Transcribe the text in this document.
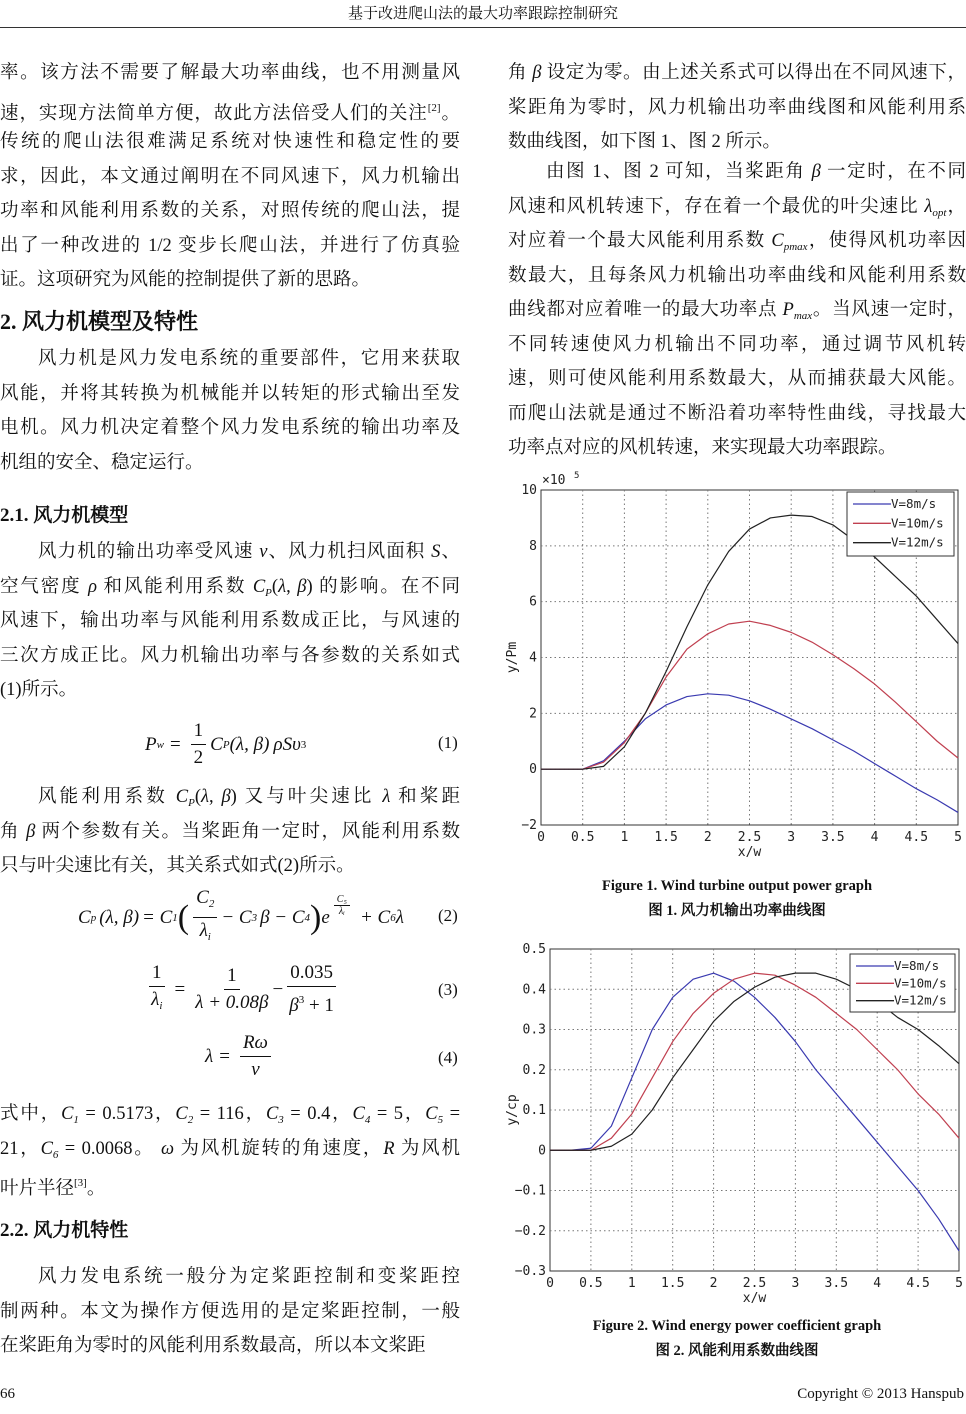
基于改进爬山法的最大功率跟踪控制研究
率。该方法不需要了解最大功率曲线，也不用测量风
速，实现方法简单方便，故此方法倍受人们的关注[2]。
传统的爬山法很难满足系统对快速性和稳定性的要
求，因此，本文通过阐明在不同风速下，风力机输出
功率和风能利用系数的关系，对照传统的爬山法，提
出了一种改进的 1/2 变步长爬山法，并进行了仿真验
证。这项研究为风能的控制提供了新的思路。
2. 风力机模型及特性
风力机是风力发电系统的重要部件，它用来获取
风能，并将其转换为机械能并以转矩的形式输出至发
电机。风力机决定着整个风力发电系统的输出功率及
机组的安全、稳定运行。
2.1. 风力机模型
风力机的输出功率受风速 v、风力机扫风面积 S、
空气密度 ρ 和风能利用系数 $C_P(\lambda$, β) 的影响。在不同
风速下，输出功率与风能利用系数成正比，与风速的
三次方成正比。风力机输出功率与各参数的关系如式
(1)所示。
P $w = \frac{1}{2}$ C P (λ, β) ρSυ 3	(1)
风能利用系数 $C_P(\lambda$, β) 又与叶尖速比 λ 和桨距
角 β 两个参数有关。当桨距角一定时，风能利用系数
只与叶尖速比有关，其关系式如式(2)所示。
C p (λ, β) = C 1 ( $\frac{C_2}{\lambda_i} - C$ 3 β − C 4 ) e $\frac{\text{C₅}}{\text{λᵢ}} + C$ 6 λ (2)
$\frac{1}{\lambda_i} = \frac{1}{\lambda + 0.08\beta} - \frac{0.035}{\beta^3 + 1}$	(3)
$\lambda = \frac{R\omega}{v}$	(4)
式中，$C_1 = 0.5173$，$C_2 = 116$，$C_3 = 0.4$，$C_4 = 5$，$C_5$ =
21，$C_6 = 0.0068$。 ω 为风机旋转的角速度，R 为风机
叶片半径[3]。
2.2. 风力机特性
风力发电系统一般分为定桨距控制和变桨距控
制两种。本文为操作方便选用的是定桨距控制，一般
在桨距角为零时的风能利用系数最高，所以本文桨距
角 β 设定为零。由上述关系式可以得出在不同风速下，
桨距角为零时，风力机输出功率曲线图和风能利用系
数曲线图，如下图 1、图 2 所示。
由图 1、图 2 可知，当桨距角 β 一定时，在不同
风速和风机转速下，存在着一个最优的叶尖速比 $\lambda_{opt}$，
对应着一个最大风能利用系数 $C_{pmax}$，使得风机功率因
数最大，且每条风力机输出功率曲线和风能利用系数
曲线都对应着唯一的最大功率点 $P_{max}$。当风速一定时，
不同转速使风力机输出不同功率，通过调节风机转
速，则可使风能利用系数最大，从而捕获最大风能。
而爬山法就是通过不断沿着功率特性曲线，寻找最大
功率点对应的风机转速，来实现最大功率跟踪。
0 0.5 1 1.5 2 2.5 3 3.5 4 4.5 5
−2
0
2
4
6
8
10
x/w
y/Pm
×10 5
V=8m/s
V=10m/s
V=12m/s
Figure 1. Wind turbine output power graph
图 1. 风力机输出功率曲线图
0 0.5 1 1.5 2 2.5 3 3.5 4 4.5 5
−0.3
−0.2
−0.1
0
0.1
0.2
0.3
0.4
0.5
x/w
y/cp
V=8m/s
V=10m/s
V=12m/s
Figure 2. Wind energy power coefficient graph
图 2. 风能利用系数曲线图
66	Copyright © 2013 Hanspub
